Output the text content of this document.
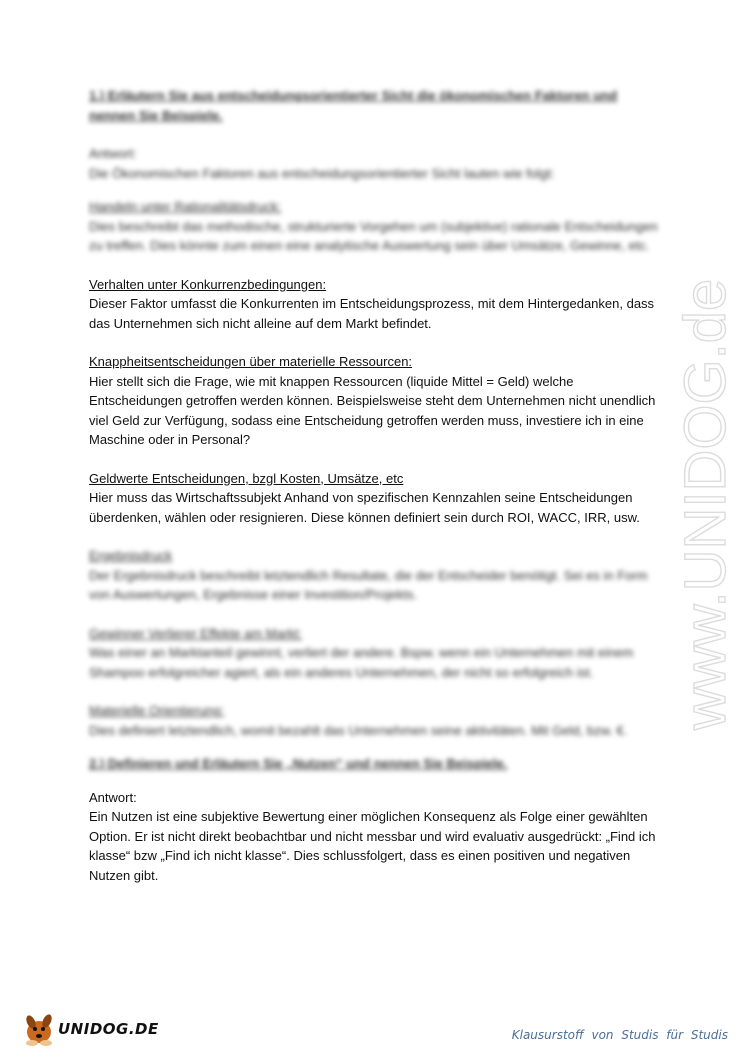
1.) Erläutern Sie aus entscheidungsorientierter Sicht die ökonomischen Faktoren und nennen Sie Beispiele.

Antwort:

Die Ökonomischen Faktoren aus entscheidungsorientierter Sicht lauten wie folgt:

Handeln unter Rationalitätsdruck:

Dies beschreibt das methodische, strukturierte Vorgehen um (subjektive) rationale Entscheidungen zu treffen. Dies könnte zum einen eine analytische Auswertung sein über Umsätze, Gewinne, etc.

Verhalten unter Konkurrenzbedingungen:

Dieser Faktor umfasst die Konkurrenten im Entscheidungsprozess, mit dem Hintergedanken, dass das Unternehmen sich nicht alleine auf dem Markt befindet.

Knappheitsentscheidungen über materielle Ressourcen:

Hier stellt sich die Frage, wie mit knappen Ressourcen (liquide Mittel = Geld) welche Entscheidungen getroffen werden können. Beispielsweise steht dem Unternehmen nicht unendlich viel Geld zur Verfügung, sodass eine Entscheidung getroffen werden muss, investiere ich in eine Maschine oder in Personal?

Geldwerte Entscheidungen, bzgl Kosten, Umsätze, etc

Hier muss das Wirtschaftssubjekt Anhand von spezifischen Kennzahlen seine Entscheidungen überdenken, wählen oder resignieren. Diese können definiert sein durch ROI, WACC, IRR, usw.

Ergebnisdruck

Der Ergebnisdruck beschreibt letztendlich Resultate, die der Entscheider benötigt. Sei es in Form von Auswertungen, Ergebnisse einer Investition/Projekts.

Gewinner Verlierer Effekte am Markt:

Was einer an Marktanteil gewinnt, verliert der andere. Bspw. wenn ein Unternehmen mit einem Shampoo erfolgreicher agiert, als ein anderes Unternehmen, der nicht so erfolgreich ist.

Materielle Orientierung:

Dies definiert letztendlich, womit bezahlt das Unternehmen seine aktivitäten. Mit Geld, bzw. €.

2.) Definieren und Erläutern Sie „Nutzen“ und nennen Sie Beispiele.

Antwort:

Ein Nutzen ist eine subjektive Bewertung einer möglichen Konsequenz als Folge einer gewählten Option. Er ist nicht direkt beobachtbar und nicht messbar und wird evaluativ ausgedrückt: „Find ich klasse“ bzw „Find ich nicht klasse“. Dies schlussfolgert, dass es einen positiven und negativen Nutzen gibt.

www.UNIDOG.de
UNIDOG.DE	Klausurstoff von Studis für Studis
